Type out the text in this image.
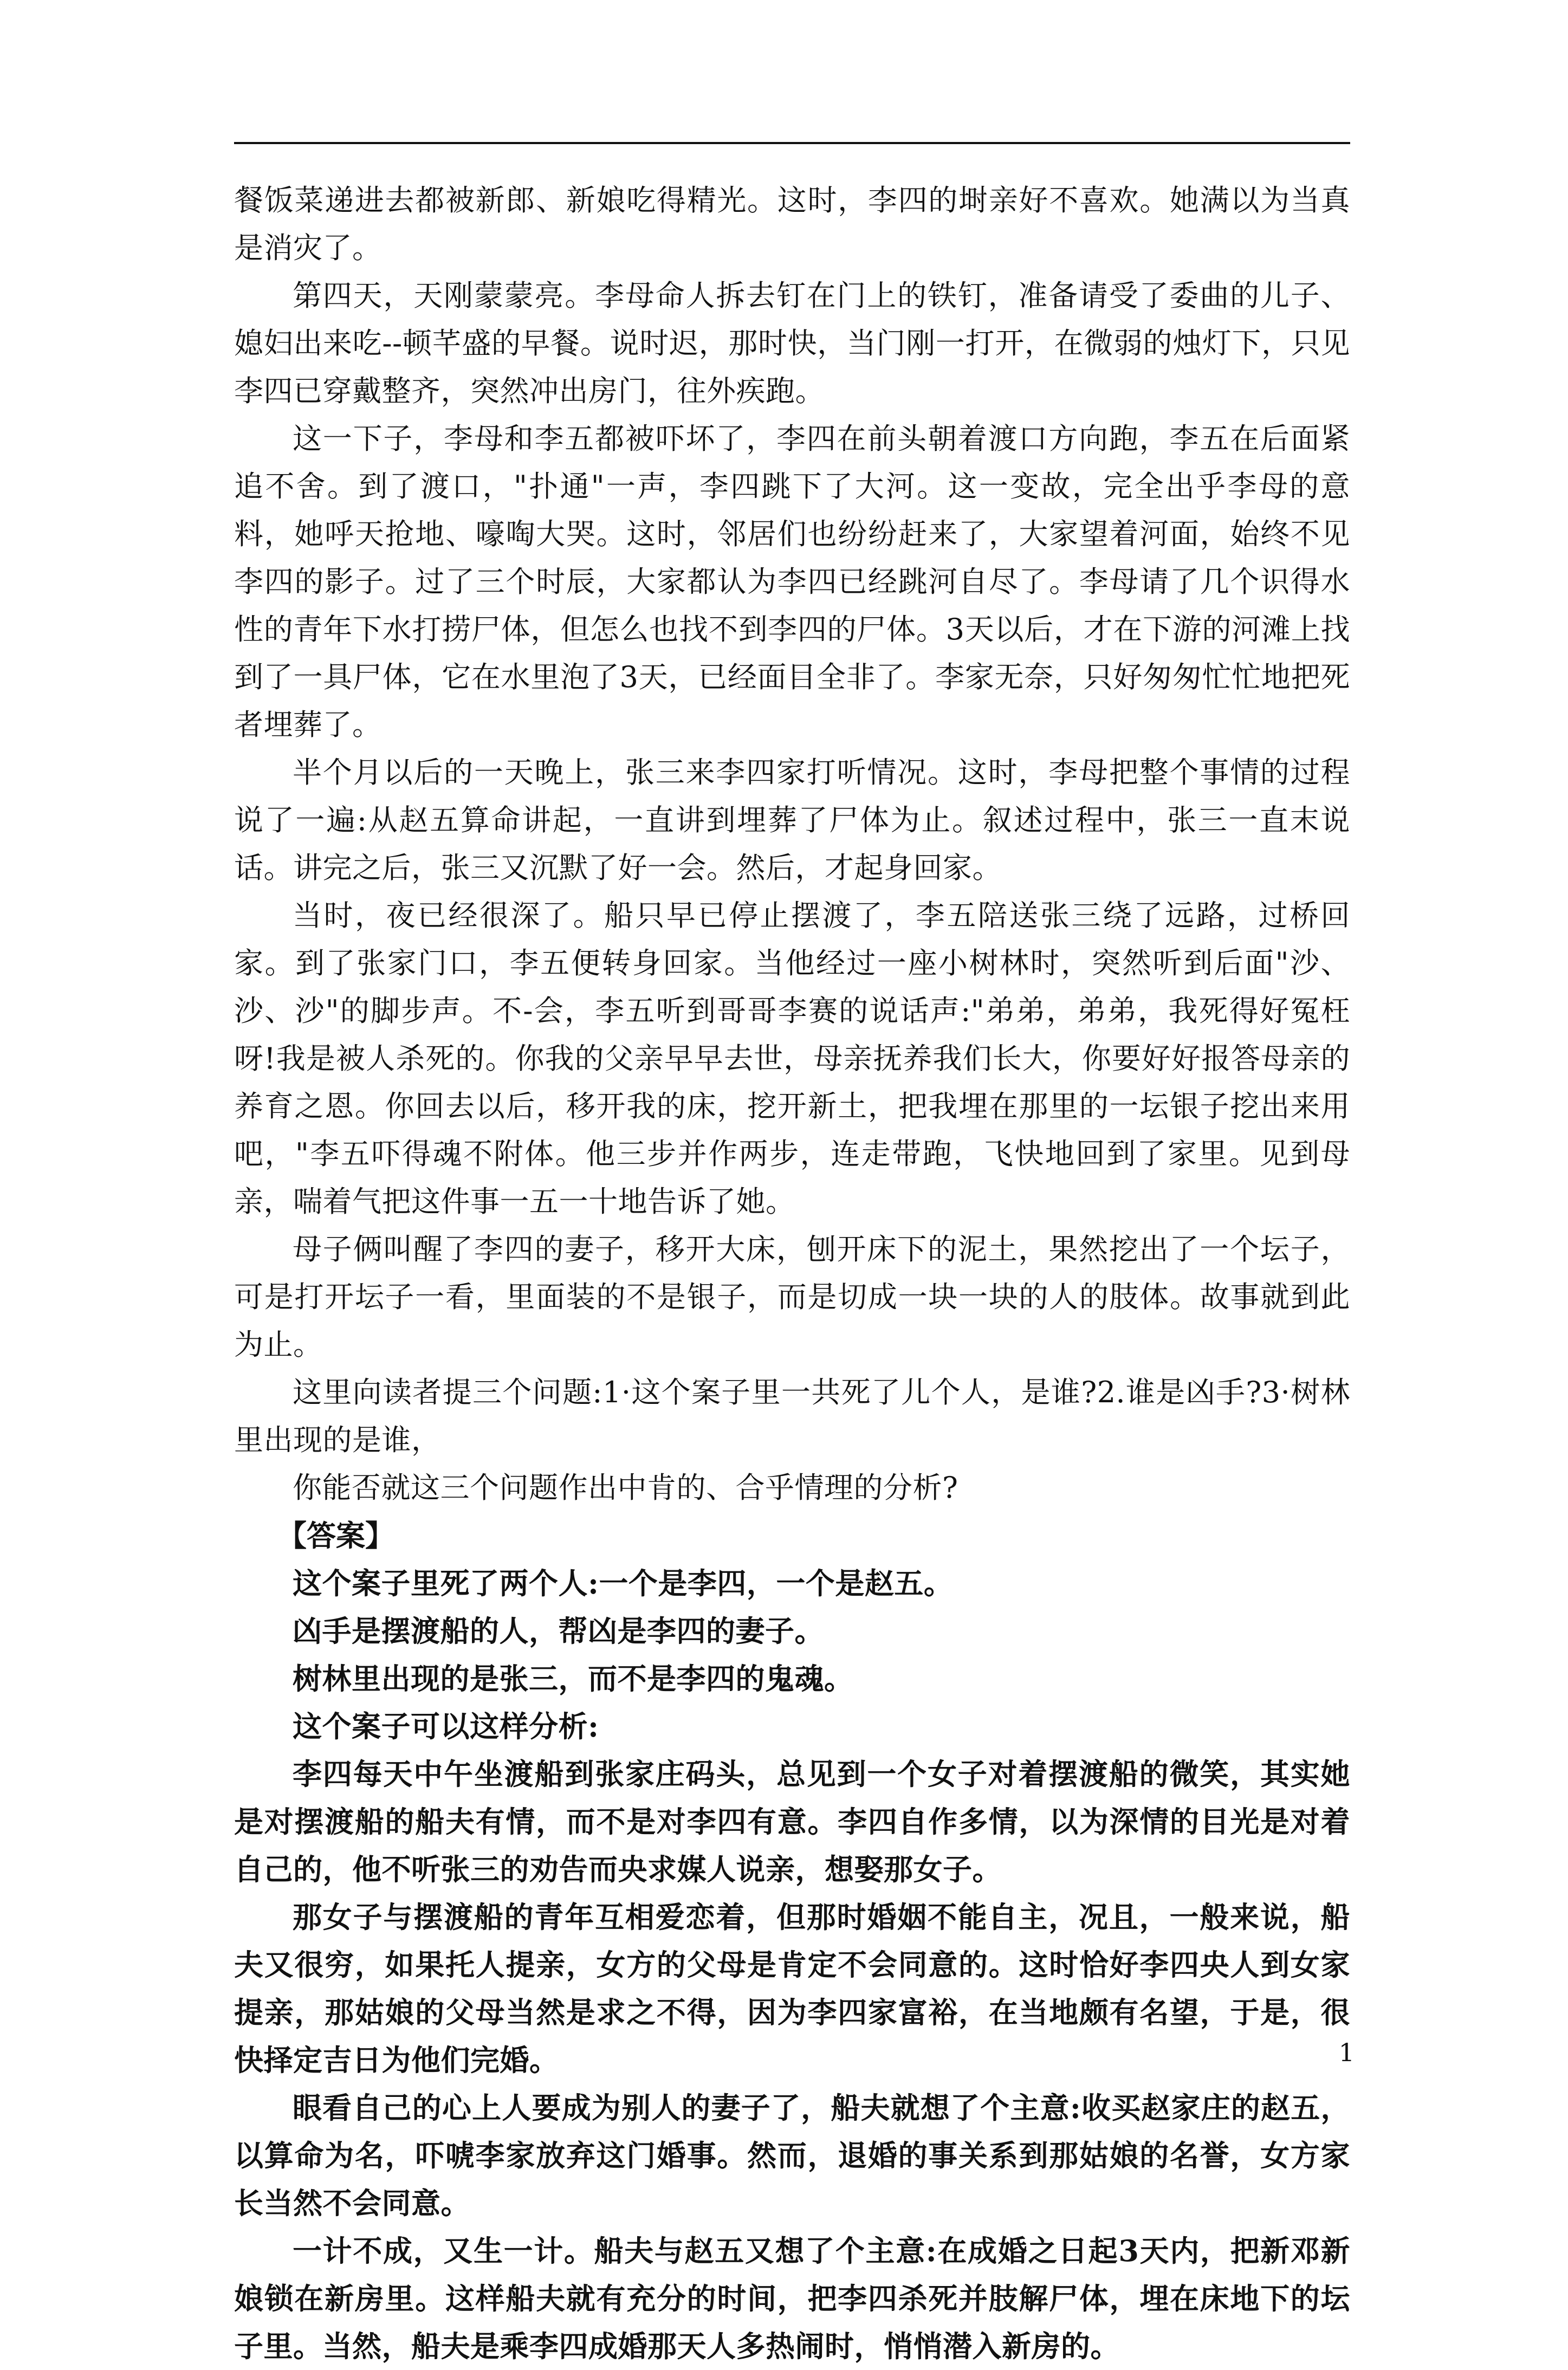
餐饭菜递进去都被新郎、新娘吃得精光。这时，李四的埘亲好不喜欢。她满以为当真是消灾了。

第四天，天刚蒙蒙亮。李母命人拆去钉在门上的铁钉，准备请受了委曲的儿子、媳妇出来吃--顿芊盛的早餐。说时迟，那时快，当门刚一打开，在微弱的烛灯下，只见李四已穿戴整齐，突然冲出房门，往外疾跑。

这一下子，李母和李五都被吓坏了，李四在前头朝着渡口方向跑，李五在后面紧追不舍。到了渡口，"扑通"一声，李四跳下了大河。这一变故，完全出乎李母的意料，她呼天抢地、嚎啕大哭。这时，邻居们也纷纷赶来了，大家望着河面，始终不见李四的影子。过了三个时辰，大家都认为李四已经跳河自尽了。李母请了几个识得水性的青年下水打捞尸体，但怎么也找不到李四的尸体。3天以后，才在下游的河滩上找到了一具尸体，它在水里泡了3天，已经面目全非了。李家无奈，只好匆匆忙忙地把死者埋葬了。

半个月以后的一天晚上，张三来李四家打听情况。这时，李母把整个事情的过程说了一遍:从赵五算命讲起，一直讲到埋葬了尸体为止。叙述过程中，张三一直末说话。讲完之后，张三又沉默了好一会。然后，才起身回家。

当时，夜已经很深了。船只早已停止摆渡了，李五陪送张三绕了远路，过桥回家。到了张家门口，李五便转身回家。当他经过一座小树林时，突然听到后面"沙、沙、沙"的脚步声。不-会，李五听到哥哥李赛的说话声:"弟弟，弟弟，我死得好冤枉呀!我是被人杀死的。你我的父亲早早去世，母亲抚养我们长大，你要好好报答母亲的养育之恩。你回去以后，移开我的床，挖开新土，把我埋在那里的一坛银子挖出来用吧，"李五吓得魂不附体。他三步并作两步，连走带跑，飞快地回到了家里。见到母亲，喘着气把这件事一五一十地告诉了她。

母子俩叫醒了李四的妻子，移开大床，刨开床下的泥土，果然挖出了一个坛子，可是打开坛子一看，里面装的不是银子，而是切成一块一块的人的肢体。故事就到此为止。

这里向读者提三个问题:1·这个案子里一共死了儿个人，是谁?2.谁是凶手?3·树林里出现的是谁，

你能否就这三个问题作出中肯的、合乎情理的分析?

【答案】

这个案子里死了两个人:一个是李四，一个是赵五。

凶手是摆渡船的人，帮凶是李四的妻子。

树林里出现的是张三，而不是李四的鬼魂。

这个案子可以这样分析:

李四每天中午坐渡船到张家庄码头，总见到一个女子对着摆渡船的微笑，其实她是对摆渡船的船夫有情，而不是对李四有意。李四自作多情，以为深情的目光是对着自己的，他不听张三的劝告而央求媒人说亲，想娶那女子。

那女子与摆渡船的青年互相爱恋着，但那时婚姻不能自主，况且，一般来说，船夫又很穷，如果托人提亲，女方的父母是肯定不会同意的。这时恰好李四央人到女家提亲，那姑娘的父母当然是求之不得，因为李四家富裕，在当地颇有名望，于是，很快择定吉日为他们完婚。

眼看自己的心上人要成为别人的妻子了，船夫就想了个主意:收买赵家庄的赵五，以算命为名，吓唬李家放弃这门婚事。然而，退婚的事关系到那姑娘的名誉，女方家长当然不会同意。

一计不成，又生一计。船夫与赵五又想了个主意:在成婚之日起3天内，把新邓新娘锁在新房里。这样船夫就有充分的时间，把李四杀死并肢解尸体，埋在床地下的坛子里。当然，船夫是乘李四成婚那天人多热闹时，悄悄潜入新房的。

1
